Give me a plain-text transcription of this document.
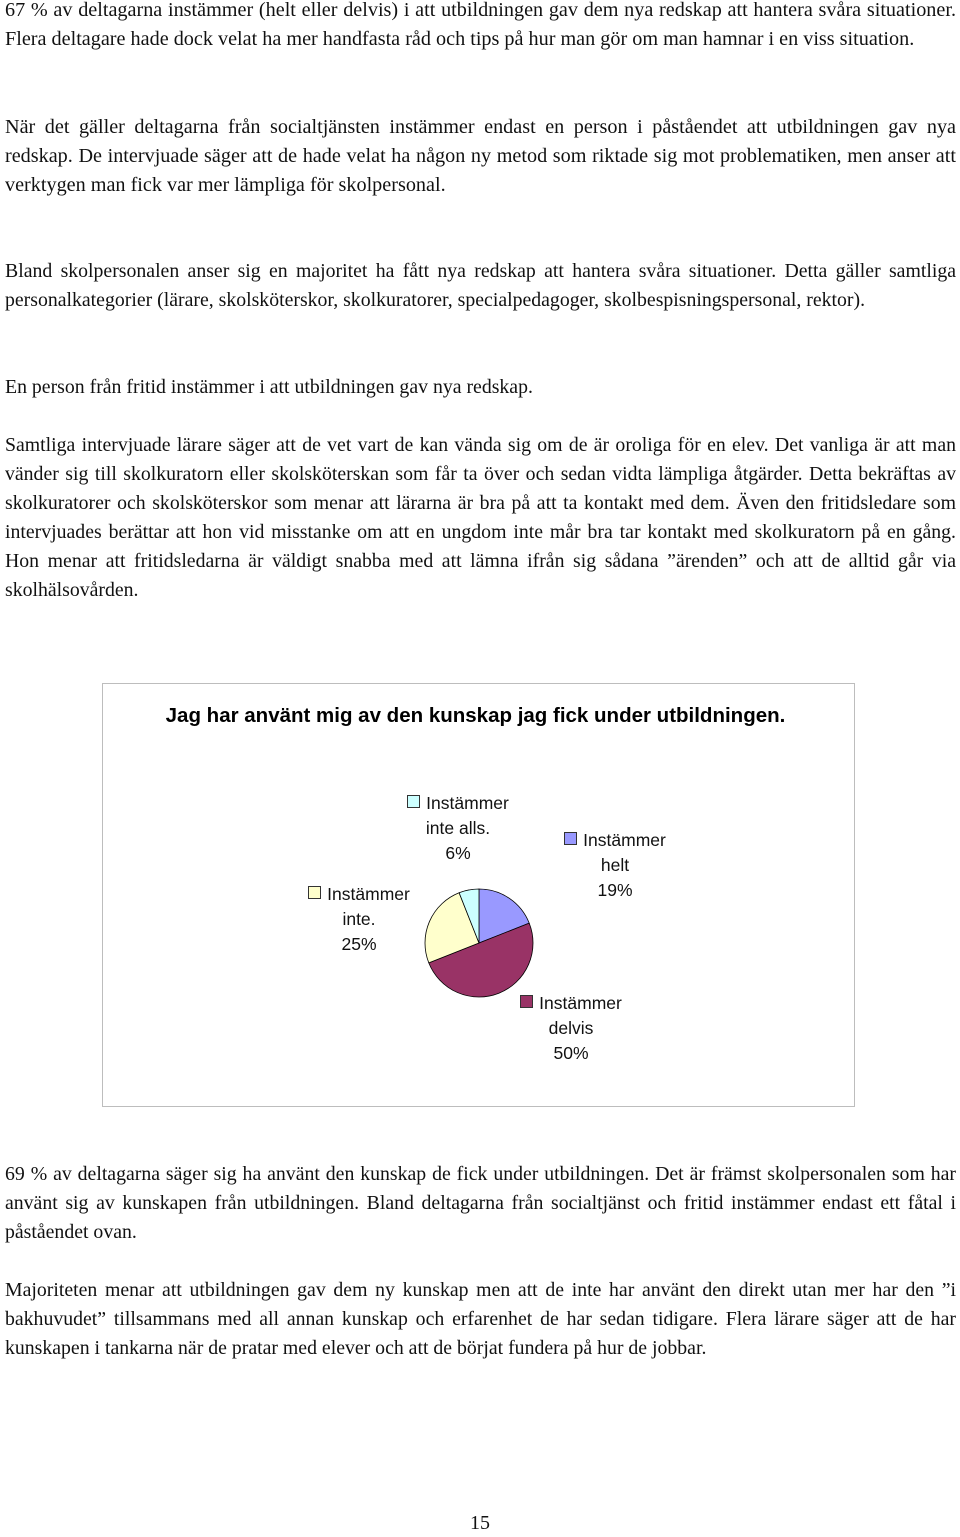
67 % av deltagarna instämmer (helt eller delvis) i att utbildningen gav dem nya redskap att hantera svåra situationer. Flera deltagare hade dock velat ha mer handfasta råd och tips på hur man gör om man hamnar i en viss situation.

När det gäller deltagarna från socialtjänsten instämmer endast en person i påståendet att utbildningen gav nya redskap. De intervjuade säger att de hade velat ha någon ny metod som riktade sig mot problematiken, men anser att verktygen man fick var mer lämpliga för skolpersonal.

Bland skolpersonalen anser sig en majoritet ha fått nya redskap att hantera svåra situationer. Detta gäller samtliga personalkategorier (lärare, skolsköterskor, skolkuratorer, specialpedagoger, skolbespisningspersonal, rektor).

En person från fritid instämmer i att utbildningen gav nya redskap.

Samtliga intervjuade lärare säger att de vet vart de kan vända sig om de är oroliga för en elev. Det vanliga är att man vänder sig till skolkuratorn eller skolsköterskan som får ta över och sedan vidta lämpliga åtgärder. Detta bekräftas av skolkuratorer och skolsköterskor som menar att lärarna är bra på att ta kontakt med dem. Även den fritidsledare som intervjuades berättar att hon vid misstanke om att en ungdom inte mår bra tar kontakt med skolkuratorn på en gång. Hon menar att fritidsledarna är väldigt snabba med att lämna ifrån sig sådana ”ärenden” och att de alltid går via skolhälsovården.

Jag har använt mig av den kunskap jag fick under utbildningen.
Instämmer
helt
19%
Instämmer
delvis
50%
Instämmer
inte.
25%
Instämmer
inte alls.
6%

69 % av deltagarna säger sig ha använt den kunskap de fick under utbildningen. Det är främst skolpersonalen som har använt sig av kunskapen från utbildningen. Bland deltagarna från socialtjänst och fritid instämmer endast ett fåtal i påståendet ovan.

Majoriteten menar att utbildningen gav dem ny kunskap men att de inte har använt den direkt utan mer har den ”i bakhuvudet” tillsammans med all annan kunskap och erfarenhet de har sedan tidigare. Flera lärare säger att de har kunskapen i tankarna när de pratar med elever och att de börjat fundera på hur de jobbar.

15
